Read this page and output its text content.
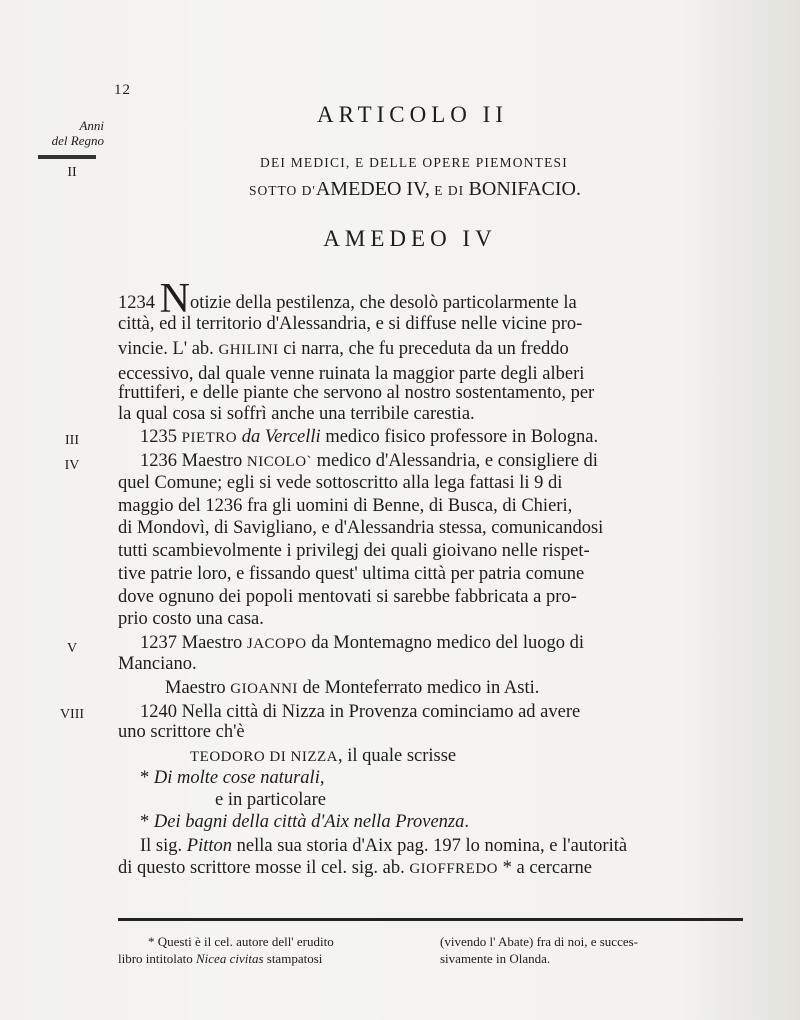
12
Anni
del Regno
II
III
IV
V
VIII
ARTICOLO II
DEI MEDICI, E DELLE OPERE PIEMONTESI
SOTTO D'AMEDEO IV, E DI BONIFACIO.
AMEDEO IV
1234 Notizie della pestilenza, che desolò particolarmente la
città, ed il territorio d'Alessandria, e si diffuse nelle vicine pro-
vincie. L' ab. GHILINI ci narra, che fu preceduta da un freddo
eccessivo, dal quale venne ruinata la maggior parte degli alberi
fruttiferi, e delle piante che servono al nostro sostentamento, per
la qual cosa si soffrì anche una terribile carestia.
1235 PIETRO da Vercelli medico fisico professore in Bologna.
1236 Maestro NICOLO` medico d'Alessandria, e consigliere di
quel Comune; egli si vede sottoscritto alla lega fattasi li 9 di
maggio del 1236 fra gli uomini di Benne, di Busca, di Chieri,
di Mondovì, di Savigliano, e d'Alessandria stessa, comunicandosi
tutti scambievolmente i privilegj dei quali gioivano nelle rispet-
tive patrie loro, e fissando quest' ultima città per patria comune
dove ognuno dei popoli mentovati si sarebbe fabbricata a pro-
prio costo una casa.
1237 Maestro JACOPO da Montemagno medico del luogo di
Manciano.
Maestro GIOANNI de Monteferrato medico in Asti.
1240 Nella città di Nizza in Provenza cominciamo ad avere
uno scrittore ch'è
TEODORO DI NIZZA, il quale scrisse
* Di molte cose naturali,
e in particolare
* Dei bagni della città d'Aix nella Provenza.
Il sig. Pitton nella sua storia d'Aix pag. 197 lo nomina, e l'autorità
di questo scrittore mosse il cel. sig. ab. GIOFFREDO * a cercarne
* Questi è il cel. autore dell' erudito
libro intitolato Nicea civitas stampatosi
(vivendo l' Abate) fra di noi, e succes-
sivamente in Olanda.
